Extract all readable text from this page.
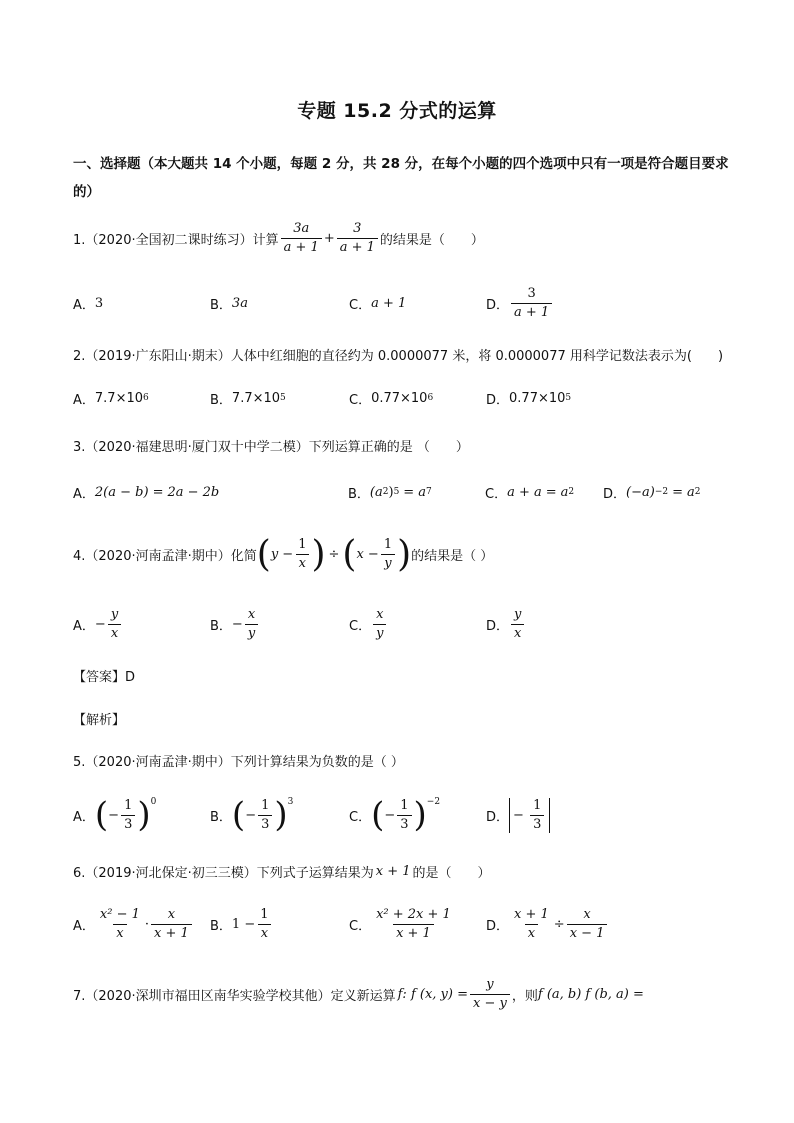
专题 15.2 分式的运算
一、选择题（本大题共 14 个小题，每题 2 分，共 28 分，在每个小题的四个选项中只有一项是符合题目要求的）
1.（2020·全国初二课时练习）计算 $\frac{3a}{a + 1} + \frac{3}{a + 1}$ 的结果是（　　）
A． 3	B． 3a	C． a + 1	D． $\frac{3}{a + 1}$
2.（2019·广东阳山·期末）人体中红细胞的直径约为 0.0000077 米，将 0.0000077 用科学记数法表示为(　　)
A． 7.7×10 6	B． 7.7×10 5	C． 0.77×10 6	D． 0.77×10 5
3.（2020·福建思明·厦门双十中学二模）下列运算正确的是 （　　）
A． 2(a − b) = 2a − 2b	B． (a 2 ) 5 = a 7	C． a + a = a 2 D． (−a) −2 = a 2
4.（2020·河南孟津·期中）化简 ( $y - \frac{1}{x}$ ) ÷ ( $x - \frac{1}{y}$ ) 的结果是（ ）
A． − $\frac{y}{x}$	B． − $\frac{x}{y}$	C． $\frac{x}{y}$	D． $\frac{y}{x}$
【答案】D
【解析】
5.（2020·河南孟津·期中）下列计算结果为负数的是（ ）
A． ( − $\frac{1}{3}$ ) 0
B． ( − $\frac{1}{3}$ ) 3
C． ( − $\frac{1}{3}$ ) −2
D． − $\frac{1}{3}$
6.（2019·河北保定·初三三模）下列式子运算结果为 x + 1 的是（　　）
A． $\frac{\text{x² − 1}}{x} \cdot \frac{x}{x + 1}$ B． $1 - \frac{1}{x}$	C． $\frac{\text{x² + 2x + 1}}{x + 1}$ D． $\frac{x + 1}{x} \div \frac{x}{x - 1}$
7.（2020·深圳市福田区南华实验学校其他）定义新运算 f: f (x, $y) = \frac{y}{x - y}$ ，则 f (a, b) f (b, a) =
